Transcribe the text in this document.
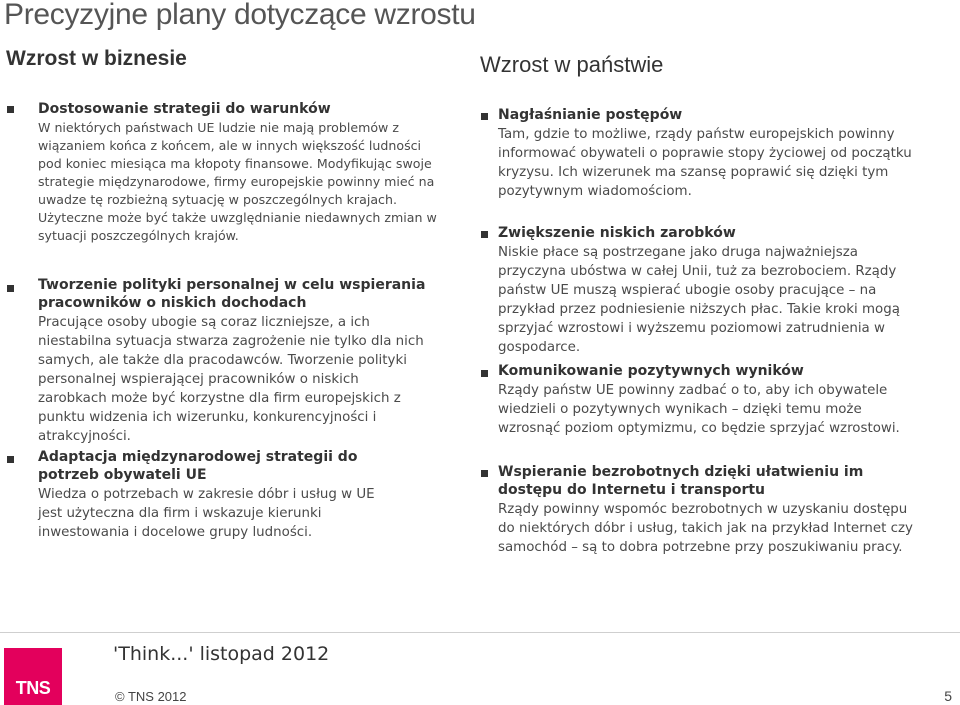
Precyzyjne plany dotyczące wzrostu
Wzrost w biznesie	Wzrost w państwie
Dostosowanie strategii do warunków
W niektórych państwach UE ludzie nie mają problemów z wiązaniem końca z końcem, ale w innych większość ludności pod koniec miesiąca ma kłopoty finansowe. Modyfikując swoje strategie międzynarodowe, firmy europejskie powinny mieć na uwadze tę rozbieżną sytuację w poszczególnych krajach. Użyteczne może być także uwzględnianie niedawnych zmian w sytuacji poszczególnych krajów.
Tworzenie polityki personalnej w celu wspierania pracowników o niskich dochodach
Pracujące osoby ubogie są coraz liczniejsze, a ich niestabilna sytuacja stwarza zagrożenie nie tylko dla nich samych, ale także dla pracodawców. Tworzenie polityki personalnej wspierającej pracowników o niskich zarobkach może być korzystne dla firm europejskich z punktu widzenia ich wizerunku, konkurencyjności i atrakcyjności.
Adaptacja międzynarodowej strategii do potrzeb obywateli UE
Wiedza o potrzebach w zakresie dóbr i usług w UE jest użyteczna dla firm i wskazuje kierunki inwestowania i docelowe grupy ludności.
Nagłaśnianie postępów
Tam, gdzie to możliwe, rządy państw europejskich powinny informować obywateli o poprawie stopy życiowej od początku kryzysu. Ich wizerunek ma szansę poprawić się dzięki tym pozytywnym wiadomościom.
Zwiększenie niskich zarobków
Niskie płace są postrzegane jako druga najważniejsza przyczyna ubóstwa w całej Unii, tuż za bezrobociem. Rządy państw UE muszą wspierać ubogie osoby pracujące – na przykład przez podniesienie niższych płac. Takie kroki mogą sprzyjać wzrostowi i wyższemu poziomowi zatrudnienia w gospodarce.
Komunikowanie pozytywnych wyników
Rządy państw UE powinny zadbać o to, aby ich obywatele wiedzieli o pozytywnych wynikach – dzięki temu może wzrosnąć poziom optymizmu, co będzie sprzyjać wzrostowi.
Wspieranie bezrobotnych dzięki ułatwieniu im dostępu do Internetu i transportu
Rządy powinny wspomóc bezrobotnych w uzyskaniu dostępu do niektórych dóbr i usług, takich jak na przykład Internet czy samochód – są to dobra potrzebne przy poszukiwaniu pracy.
TNS
'Think...' listopad 2012
© TNS 2012	5
